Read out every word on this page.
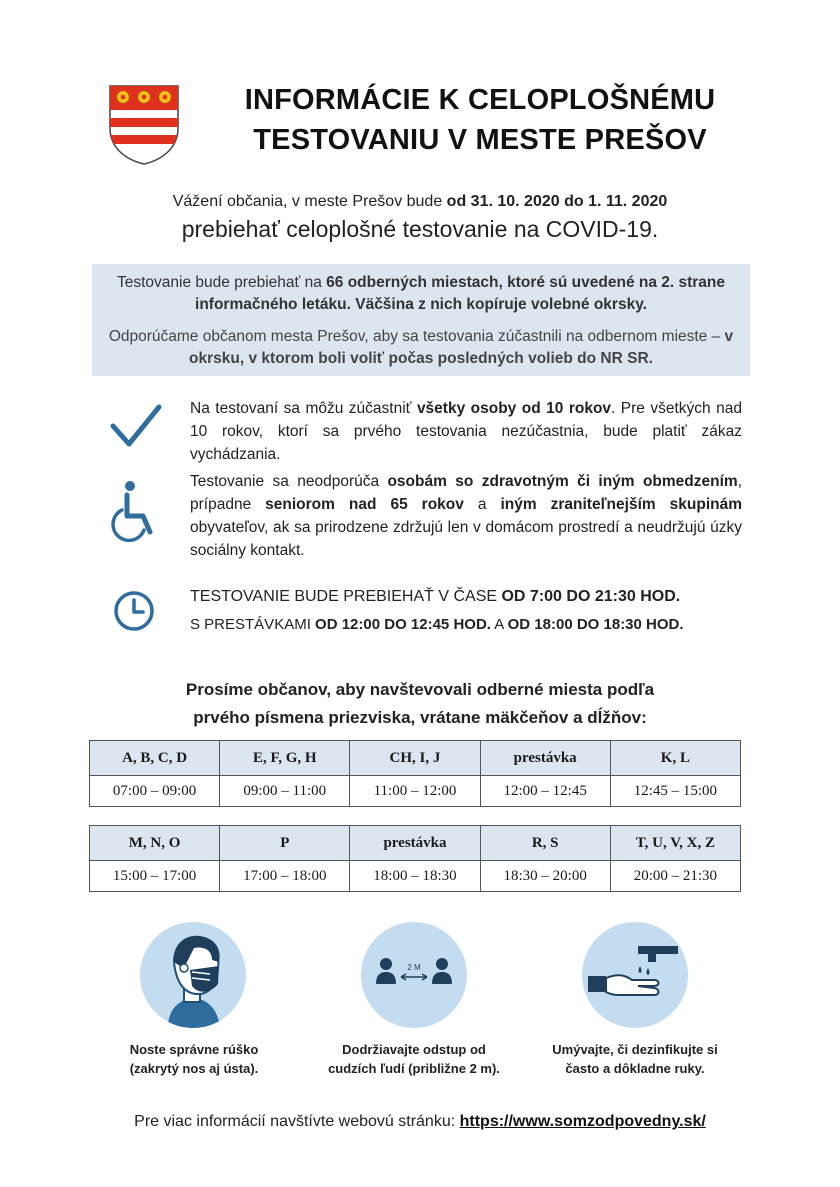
INFORMÁCIE K CELOPLOŠNÉMU
TESTOVANIU V MESTE PREŠOV
Vážení občania, v meste Prešov bude od 31. 10. 2020 do 1. 11. 2020
prebiehať celoplošné testovanie na COVID-19.

Testovanie bude prebiehať na 66 odberných miestach, ktoré sú uvedené na 2. strane informačného letáku. Väčšina z nich kopíruje volebné okrsky.

Odporúčame občanom mesta Prešov, aby sa testovania zúčastnili na odbernom mieste – v okrsku, v ktorom boli voliť počas posledných volieb do NR SR.

Na testovaní sa môžu zúčastniť všetky osoby od 10 rokov. Pre všetkých nad 10 rokov, ktorí sa prvého testovania nezúčastnia, bude platiť zákaz vychádzania.
Testovanie sa neodporúča osobám so zdravotným či iným obmedzením, prípadne seniorom nad 65 rokov a iným zraniteľnejším skupinám obyvateľov, ak sa prirodzene zdržujú len v domácom prostredí a neudržujú úzky sociálny kontakt.
TESTOVANIE BUDE PREBIEHAŤ V ČASE OD 7:00 DO 21:30 HOD.
S PRESTÁVKAMI OD 12:00 DO 12:45 HOD. A OD 18:00 DO 18:30 HOD.
Prosíme občanov, aby navštevovali odberné miesta podľa
prvého písmena priezviska, vrátane mäkčeňov a dĺžňov:
A, B, C, D	E, F, G, H	CH, I, J	prestávka	K, L
07:00 – 09:00	09:00 – 11:00	11:00 – 12:00	12:00 – 12:45	12:45 – 15:00
M, N, O	P	prestávka	R, S	T, U, V, X, Z
15:00 – 17:00	17:00 – 18:00	18:00 – 18:30	18:30 – 20:00	20:00 – 21:30
Noste správne rúško
(zakrytý nos aj ústa).
2 M
Dodržiavajte odstup od
cudzích ľudí (približne 2 m).
Umývajte, či dezinfikujte si
často a dôkladne ruky.
Pre viac informácií navštívte webovú stránku: https://www.somzodpovedny.sk/
